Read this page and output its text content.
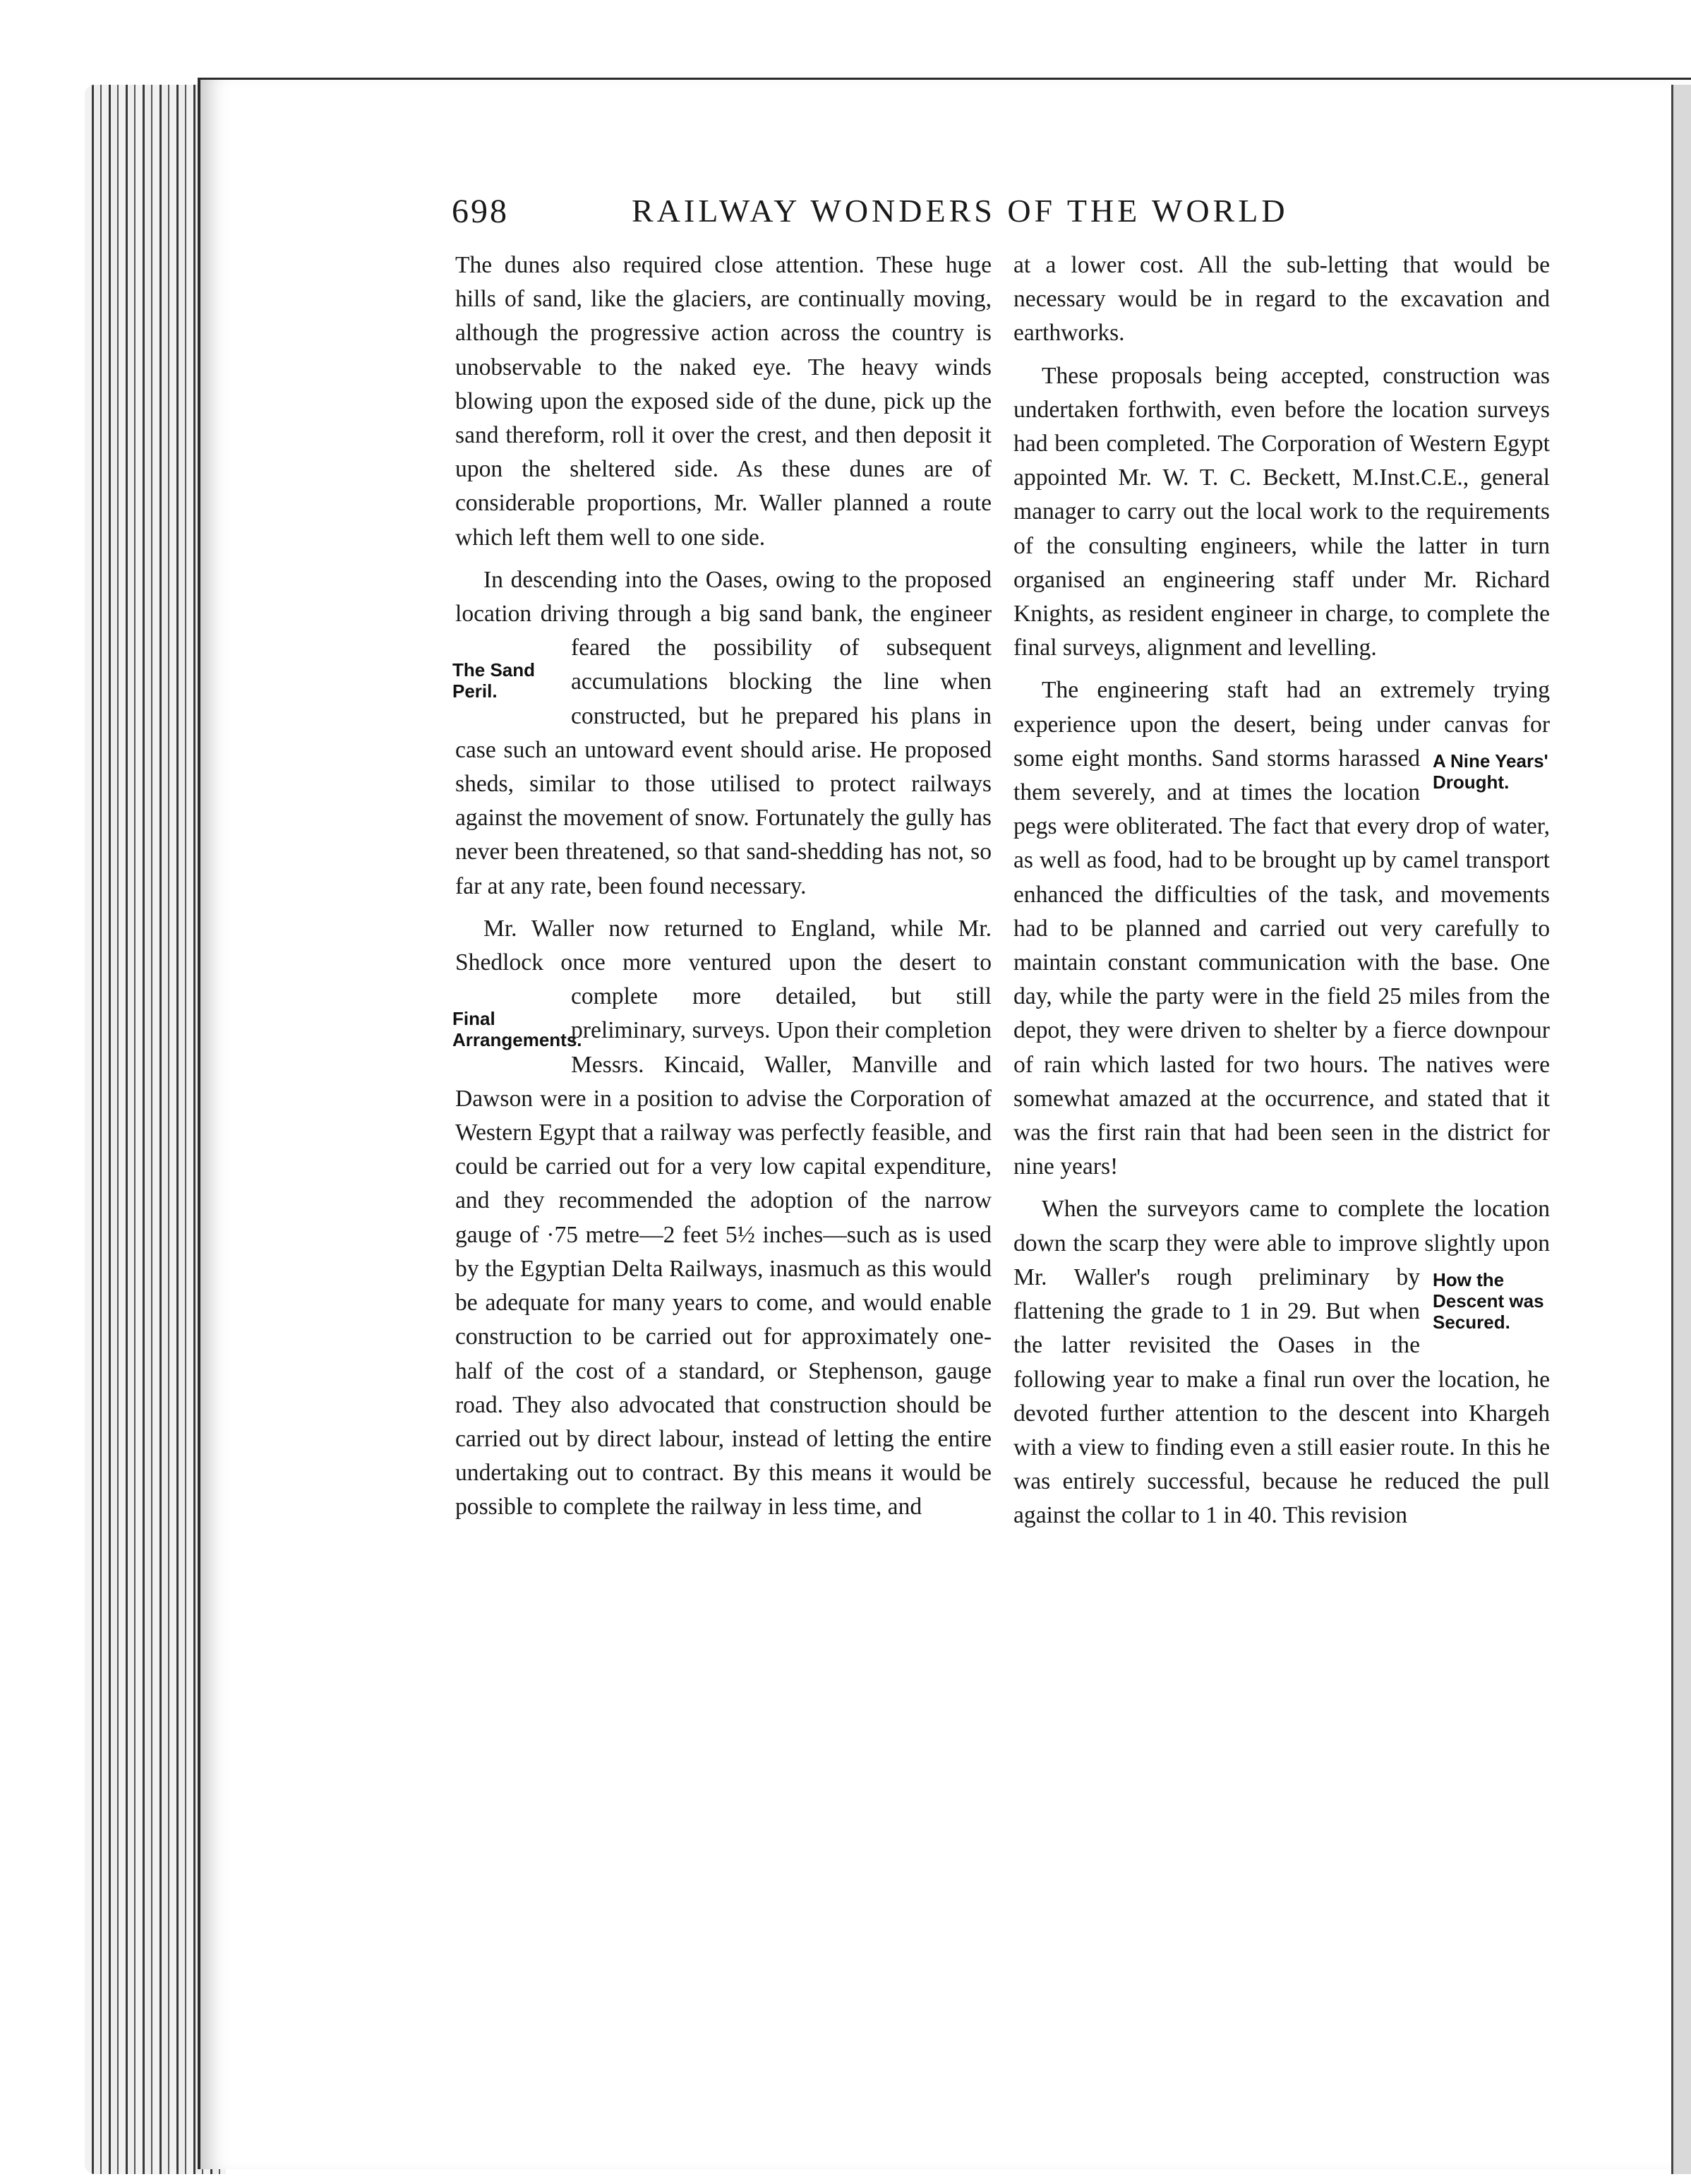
698	RAILWAY WONDERS OF THE WORLD

The dunes also required close attention. These huge hills of sand, like the glaciers, are continually moving, although the progressive action across the country is unobservable to the naked eye. The heavy winds blowing upon the exposed side of the dune, pick up the sand thereform, roll it over the crest, and then deposit it upon the sheltered side. As these dunes are of considerable proportions, Mr. Waller planned a route which left them well to one side.

In descending into the Oases, owing to the proposed location driving through a big sand bank, the engineer
The Sand Peril.
feared the possibility of subsequent accumulations blocking the line when constructed, but he prepared his plans in case such an untoward event should arise. He proposed sheds, similar to those utilised to protect railways against the movement of snow. Fortunately the gully has never been threatened, so that sand-shedding has not, so far at any rate, been found necessary.

Mr. Waller now returned to England, while Mr. Shedlock once more ventured upon the desert to complete more
Final Arrangements.
detailed, but still preliminary, surveys. Upon their completion Messrs. Kincaid, Waller, Manville and Dawson were in a position to advise the Corporation of Western Egypt that a railway was perfectly feasible, and could be carried out for a very low capital expenditure, and they recommended the adoption of the narrow gauge of ·75 metre—2 feet 5½ inches—such as is used by the Egyptian Delta Railways, inasmuch as this would be adequate for many years to come, and would enable construction to be carried out for approximately one-half of the cost of a standard, or Stephenson, gauge road. They also advocated that construction should be carried out by direct labour, instead of letting the entire undertaking out to contract. By this means it would be possible to complete the railway in less time, and

at a lower cost. All the sub-letting that would be necessary would be in regard to the excavation and earthworks.

These proposals being accepted, construction was undertaken forthwith, even before the location surveys had been completed. The Corporation of Western Egypt appointed Mr. W. T. C. Beckett, M.Inst.C.E., general manager to carry out the local work to the requirements of the consulting engineers, while the latter in turn organised an engineering staff under Mr. Richard Knights, as resident engineer in charge, to complete the final surveys, alignment and levelling.

The engineering staft had an extremely trying experience upon the desert, being under canvas for some eight	A Nine Years' Drought.
months. Sand storms harassed them severely, and at times the location pegs were obliterated. The fact that every drop of water, as well as food, had to be brought up by camel transport enhanced the difficulties of the task, and movements had to be planned and carried out very carefully to maintain constant communication with the base. One day, while the party were in the field 25 miles from the depot, they were driven to shelter by a fierce downpour of rain which lasted for two hours. The natives were somewhat amazed at the occurrence, and stated that it was the first rain that had been seen in the district for nine years!

When the surveyors came to complete the location down the scarp they were able to improve slightly upon Mr.	How the Descent was Secured.
Waller's rough preliminary by flattening the grade to 1 in 29. But when the latter revisited the Oases in the following year to make a final run over the location, he devoted further attention to the descent into Khargeh with a view to finding even a still easier route. In this he was entirely successful, because he reduced the pull against the collar to 1 in 40. This revision
